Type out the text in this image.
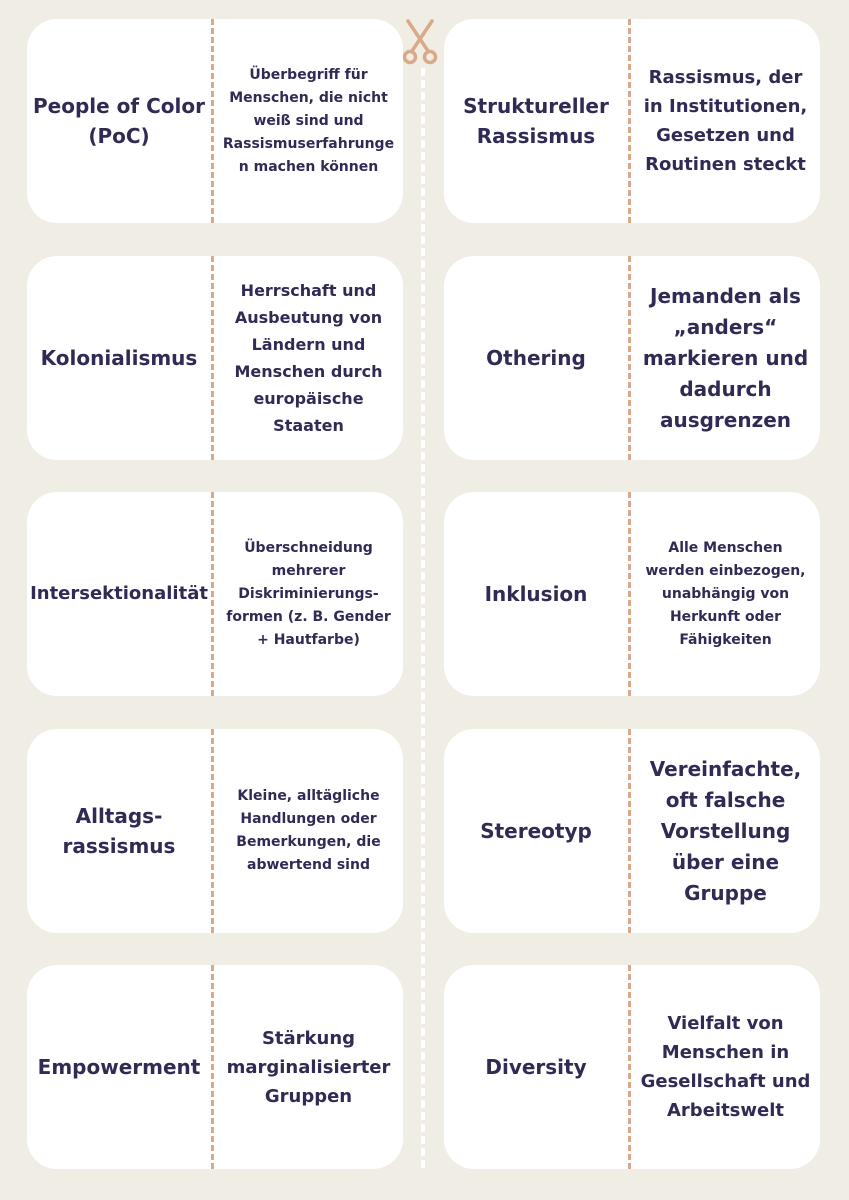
People of Color (PoC)
Überbegriff für Menschen, die nicht weiß sind und Rassismuserfahrungen machen können
Struktureller Rassismus
Rassismus, der in Institutionen, Gesetzen und Routinen steckt
Kolonialismus
Herrschaft und Ausbeutung von Ländern und Menschen durch europäische Staaten
Othering
Jemanden als „anders“ markieren und dadurch ausgrenzen
Intersektionalität
Überschneidung mehrerer Diskriminierungs-formen (z. B. Gender + Hautfarbe)
Inklusion
Alle Menschen werden einbezogen, unabhängig von Herkunft oder Fähigkeiten
Alltags-rassismus
Kleine, alltägliche Handlungen oder Bemerkungen, die abwertend sind
Stereotyp
Vereinfachte, oft falsche Vorstellung über eine Gruppe
Empowerment
Stärkung marginalisierter Gruppen
Diversity
Vielfalt von Menschen in Gesellschaft und Arbeitswelt
